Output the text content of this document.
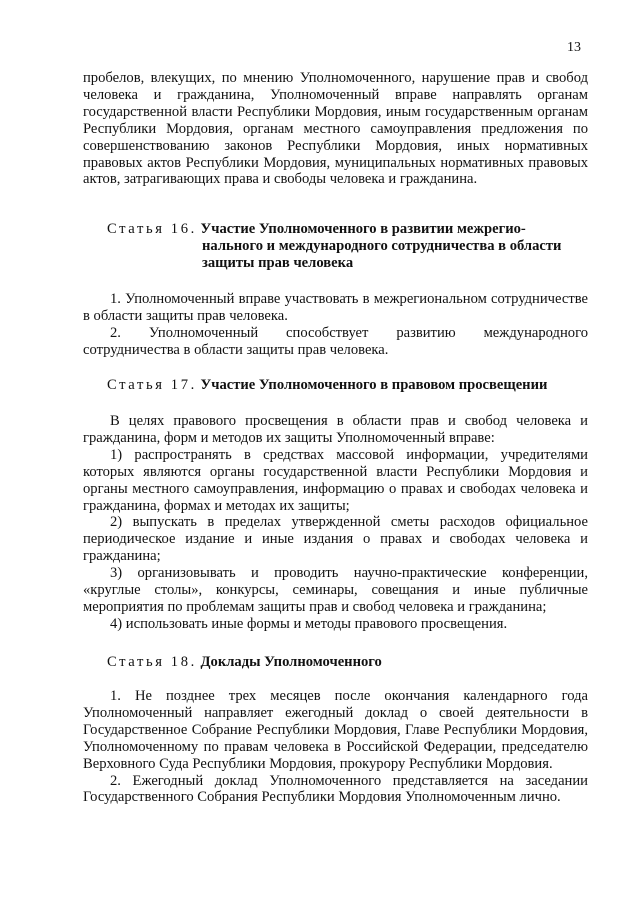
13

пробелов, влекущих, по мнению Уполномоченного, нарушение прав и свобод человека и гражданина, Уполномоченный вправе направлять органам государственной власти Республики Мордовия, иным государственным органам Республики Мордовия, органам местного самоуправления предложения по совершенствованию законов Республики Мордовия, иных нормативных правовых актов Республики Мордовия, муниципальных нормативных правовых актов, затрагивающих права и свободы человека и гражданина.

Статья 16. Участие Уполномоченного в развитии межрегио-
нального и международного сотрудничества в области
защиты прав человека

1. Уполномоченный вправе участвовать в межрегиональном сотрудничестве в области защиты прав человека.

2. Уполномоченный способствует развитию международного сотрудничества в области защиты прав человека.

Статья 17. Участие Уполномоченного в правовом просвещении

В целях правового просвещения в области прав и свобод человека и гражданина, форм и методов их защиты Уполномоченный вправе:

1) распространять в средствах массовой информации, учредителями которых являются органы государственной власти Республики Мордовия и органы местного самоуправления, информацию о правах и свободах человека и гражданина, формах и методах их защиты;

2) выпускать в пределах утвержденной сметы расходов официальное периодическое издание и иные издания о правах и свободах человека и гражданина;

3) организовывать и проводить научно-практические конференции, «круглые столы», конкурсы, семинары, совещания и иные публичные мероприятия по проблемам защиты прав и свобод человека и гражданина;

4) использовать иные формы и методы правового просвещения.

Статья 18. Доклады Уполномоченного

1. Не позднее трех месяцев после окончания календарного года Уполномоченный направляет ежегодный доклад о своей деятельности в Государственное Собрание Республики Мордовия, Главе Республики Мордовия, Уполномоченному по правам человека в Российской Федерации, председателю Верховного Суда Республики Мордовия, прокурору Республики Мордовия.

2. Ежегодный доклад Уполномоченного представляется на заседании Государственного Собрания Республики Мордовия Уполномоченным лично.
